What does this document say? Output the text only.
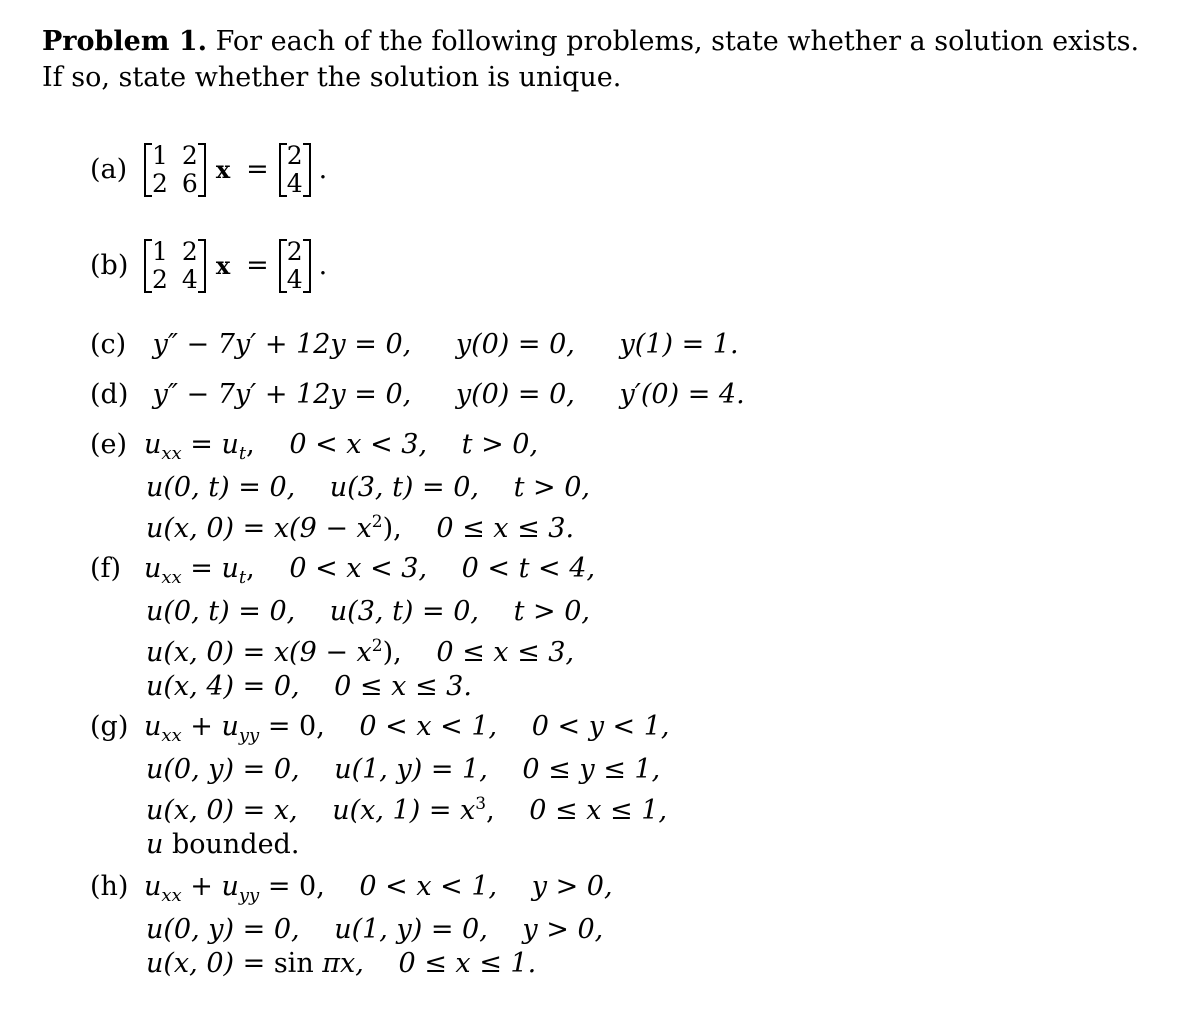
Problem 1. For each of the following problems, state whether a solution exists. If so, state whether the solution is unique.
(a) 1 2
2 6 x = 2
4 .
(b) 1 2
2 4 x = 2
4 .
(c) y″ − 7y′ + 12y = 0, y(0) = 0, y(1) = 1.
(d) y″ − 7y′ + 12y = 0, y(0) = 0, y′(0) = 4.
(e) $u_{xx} = u_t$, 0 < x < 3, t > 0,
u(0, t) = 0, u(3, t) = 0, t > 0,
u(x, $0) = x(9 - x^2)$, 0 ≤ x ≤ 3.
(f) $u_{xx} = u_t$, 0 < x < 3, 0 < t < 4,
u(0, t) = 0, u(3, t) = 0, t > 0,
u(x, $0) = x(9 - x^2)$, 0 ≤ x ≤ 3,
u(x, 4) = 0, 0 ≤ x ≤ 3.
(g) $u_{xx} + u_{yy} = 0$, 0 < x < 1, 0 < y < 1,
u(0, y) = 0, u(1, y) = 1, 0 ≤ y ≤ 1,
u(x, 0) = x, u(x, $1) = x^3$, 0 ≤ x ≤ 1,
u bounded.
(h) $u_{xx} + u_{yy} = 0$, 0 < x < 1, y > 0,
u(0, y) = 0, u(1, y) = 0, y > 0,
u(x, 0) = sin πx, 0 ≤ x ≤ 1.
